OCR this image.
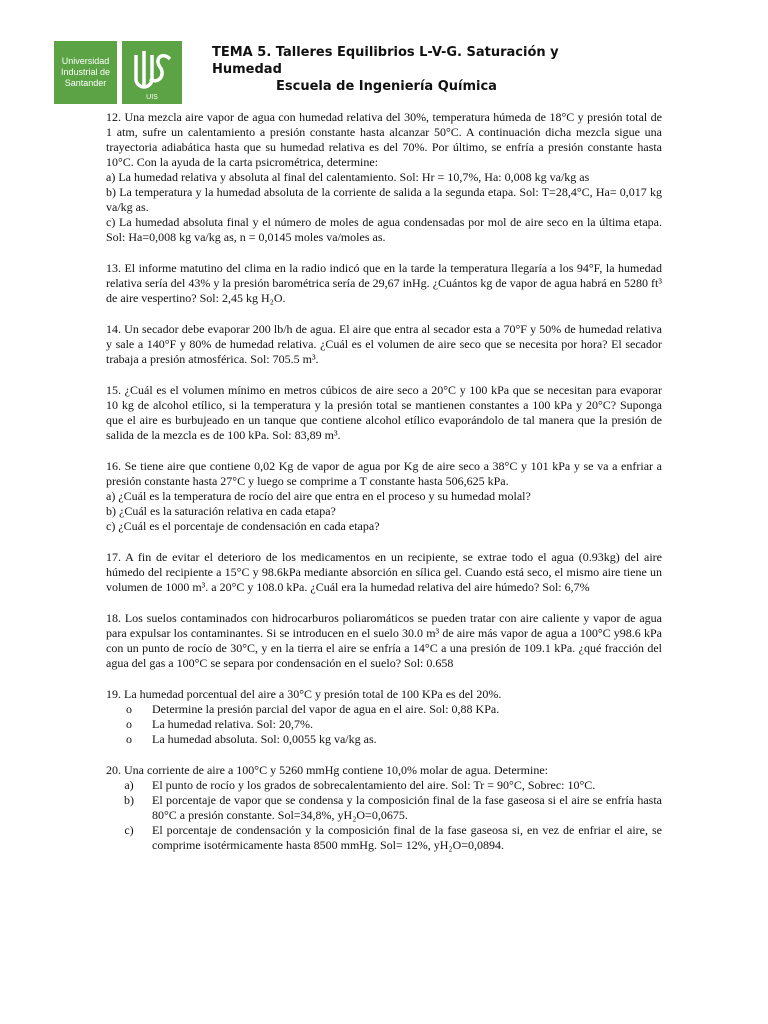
Universidad
Industrial de
Santander
UIS
TEMA 5. Talleres Equilibrios L-V-G. Saturación y Humedad
Escuela de Ingeniería Química

12. Una mezcla aire vapor de agua con humedad relativa del 30%, temperatura húmeda de 18°C y presión total de 1 atm, sufre un calentamiento a presión constante hasta alcanzar 50°C. A continuación dicha mezcla sigue una trayectoria adiabática hasta que su humedad relativa es del 70%. Por último, se enfría a presión constante hasta 10°C. Con la ayuda de la carta psicrométrica, determine:

a) La humedad relativa y absoluta al final del calentamiento. Sol: Hr = 10,7%, Ha: 0,008 kg va/kg as

b) La temperatura y la humedad absoluta de la corriente de salida a la segunda etapa. Sol: T=28,4°C, Ha= 0,017 kg va/kg as.

c) La humedad absoluta final y el número de moles de agua condensadas por mol de aire seco en la última etapa. Sol: Ha=0,008 kg va/kg as, n = 0,0145 moles va/moles as.

13. El informe matutino del clima en la radio indicó que en la tarde la temperatura llegaría a los 94°F, la humedad relativa sería del 43% y la presión barométrica sería de 29,67 inHg. ¿Cuántos kg de vapor de agua habrá en 5280 ft³ de aire vespertino? Sol: 2,45 kg H₂O.

14. Un secador debe evaporar 200 lb/h de agua. El aire que entra al secador esta a 70°F y 50% de humedad relativa y sale a 140°F y 80% de humedad relativa. ¿Cuál es el volumen de aire seco que se necesita por hora? El secador trabaja a presión atmosférica. Sol: 705.5 m³.

15. ¿Cuál es el volumen mínimo en metros cúbicos de aire seco a 20°C y 100 kPa que se necesitan para evaporar 10 kg de alcohol etílico, si la temperatura y la presión total se mantienen constantes a 100 kPa y 20°C? Suponga que el aire es burbujeado en un tanque que contiene alcohol etílico evaporándolo de tal manera que la presión de salida de la mezcla es de 100 kPa. Sol: 83,89 m³.

16. Se tiene aire que contiene 0,02 Kg de vapor de agua por Kg de aire seco a 38°C y 101 kPa y se va a enfriar a presión constante hasta 27°C y luego se comprime a T constante hasta 506,625 kPa.

a) ¿Cuál es la temperatura de rocío del aire que entra en el proceso y su humedad molal?

b) ¿Cuál es la saturación relativa en cada etapa?

c) ¿Cuál es el porcentaje de condensación en cada etapa?

17. A fin de evitar el deterioro de los medicamentos en un recipiente, se extrae todo el agua (0.93kg) del aire húmedo del recipiente a 15°C y 98.6kPa mediante absorción en sílica gel. Cuando está seco, el mismo aire tiene un volumen de 1000 m³. a 20°C y 108.0 kPa. ¿Cuál era la humedad relativa del aire húmedo? Sol: 6,7%

18. Los suelos contaminados con hidrocarburos poliaromáticos se pueden tratar con aire caliente y vapor de agua para expulsar los contaminantes. Si se introducen en el suelo 30.0 m³ de aire más vapor de agua a 100°C y98.6 kPa con un punto de rocío de 30°C, y en la tierra el aire se enfría a 14°C a una presión de 109.1 kPa. ¿qué fracción del agua del gas a 100°C se separa por condensación en el suelo? Sol: 0.658

19. La humedad porcentual del aire a 30°C y presión total de 100 KPa es del 20%.

o	Determine la presión parcial del vapor de agua en el aire. Sol: 0,88 KPa.
o	La humedad relativa. Sol: 20,7%.
o	La humedad absoluta. Sol: 0,0055 kg va/kg as.

20. Una corriente de aire a 100°C y 5260 mmHg contiene 10,0% molar de agua. Determine:

a)	El punto de rocío y los grados de sobrecalentamiento del aire. Sol: Tr = 90°C, Sobrec: 10°C.
b)	El porcentaje de vapor que se condensa y la composición final de la fase gaseosa si el aire se enfría hasta 80°C a presión constante. Sol=34,8%, yH₂O=0,0675.
c)	El porcentaje de condensación y la composición final de la fase gaseosa si, en vez de enfriar el aire, se comprime isotérmicamente hasta 8500 mmHg. Sol= 12%, yH₂O=0,0894.
